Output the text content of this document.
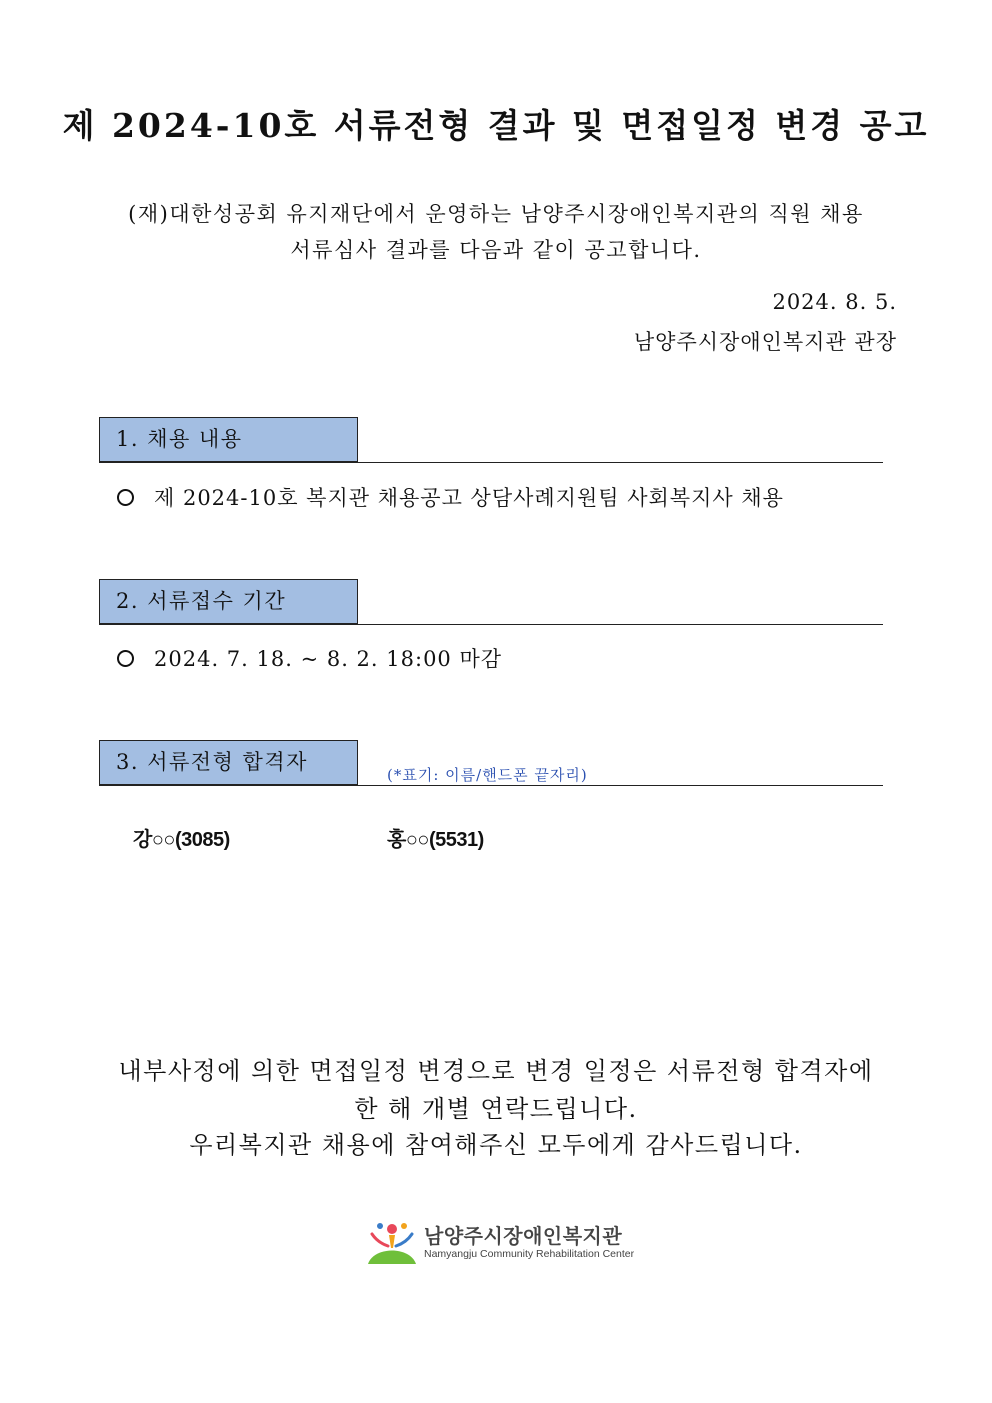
제 2024-10호 서류전형 결과 및 면접일정 변경 공고
(재)대한성공회 유지재단에서 운영하는 남양주시장애인복지관의 직원 채용
서류심사 결과를 다음과 같이 공고합니다.
2024. 8. 5.
남양주시장애인복지관 관장
1. 채용 내용
제 2024-10호 복지관 채용공고 상담사례지원팀 사회복지사 채용
2. 서류접수 기간
2024. 7. 18. ~ 8. 2. 18:00 마감
3. 서류전형 합격자
(*표기: 이름/핸드폰 끝자리)
강○○(3085)	홍○○(5531)
내부사정에 의한 면접일정 변경으로 변경 일정은 서류전형 합격자에
한 해 개별 연락드립니다.
우리복지관 채용에 참여해주신 모두에게 감사드립니다.
남양주시장애인복지관
Namyangju Community Rehabilitation Center
